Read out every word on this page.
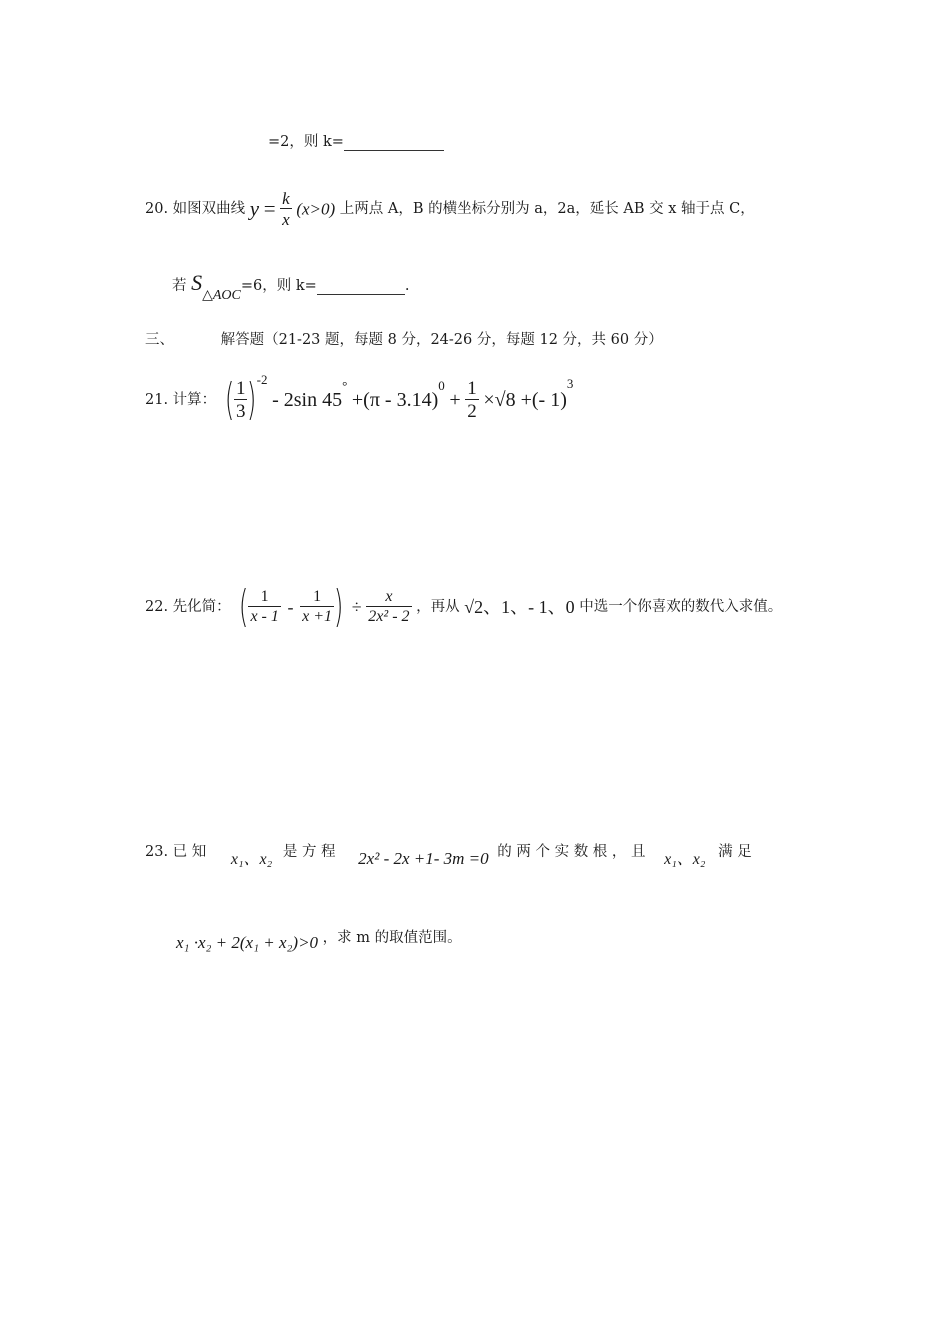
=2，则 k=
20. 如图双曲线 $y = \frac{k}{x} (x>0)$ 上两点 A，B 的横坐标分别为 a，2a，延长 AB 交 x 轴于点 C，
若 S△AOC=6，则 k=	.
三、	解答题（21-23 题，每题 8 分，24-26 分，每题 12 分，共 60 分）
21. 计算： ( $\frac{1}{3} )^{-2} - 2\sin$ $45^\circ +(\pi - 3.14)^0 + \frac{1}{2} \times√8$ +(- 1)$^3$
22. 先化简： ( $\frac{1}{x - 1} - \frac{1}{x +1}$ ) ÷ $\frac{x}{\text{2x² - 2}}$ ，再从 √2、1、- 1、0 中选一个你喜欢的数代入求值。
23. 已 知 x₁、x₂ 是 方 程 2x² - 2x +1- 3m =0 的 两 个 实 数 根 ， 且 x₁、x₂ 满 足
x₁ ·x₂ + 2(x₁ + x₂)>0 ，求 m 的取值范围。
